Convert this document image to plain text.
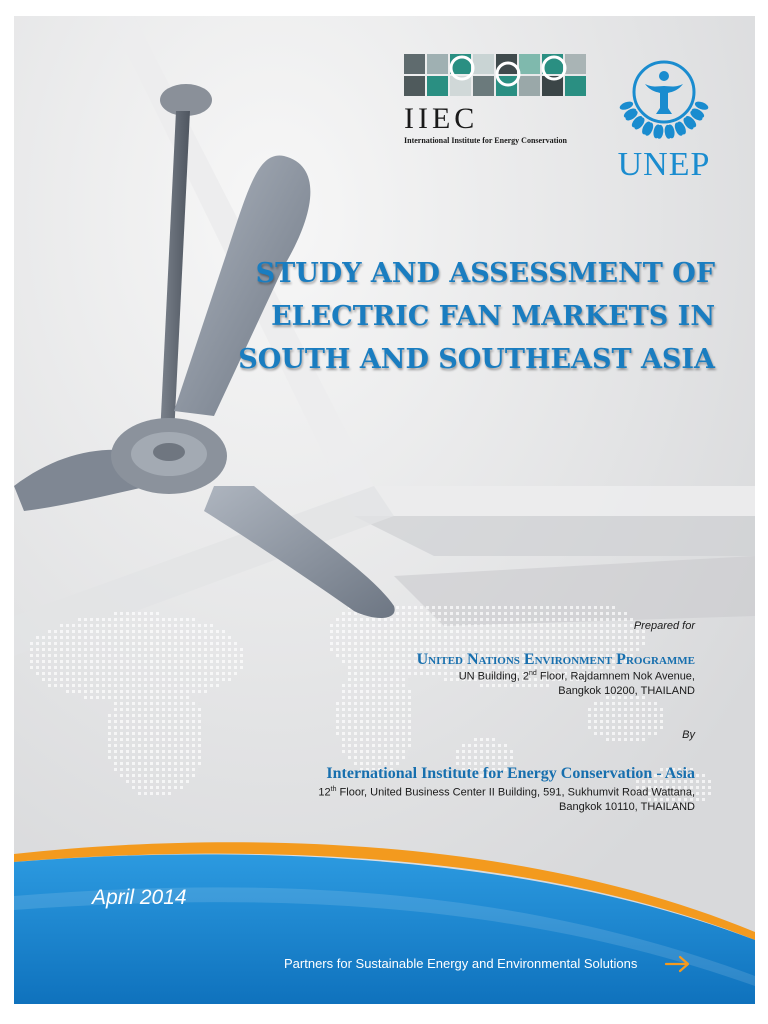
IIEC
International Institute for Energy Conservation
UNEP
STUDY AND ASSESSMENT OF ELECTRIC FAN MARKETS IN SOUTH AND SOUTHEAST ASIA
Prepared for
United Nations Environment Programme
UN Building, 2nd Floor, Rajdamnem Nok Avenue,
Bangkok 10200, THAILAND
By
International Institute for Energy Conservation - Asia
12th Floor, United Business Center II Building, 591, Sukhumvit Road Wattana,
Bangkok 10110, THAILAND
April 2014
Partners for Sustainable Energy and Environmental Solutions
